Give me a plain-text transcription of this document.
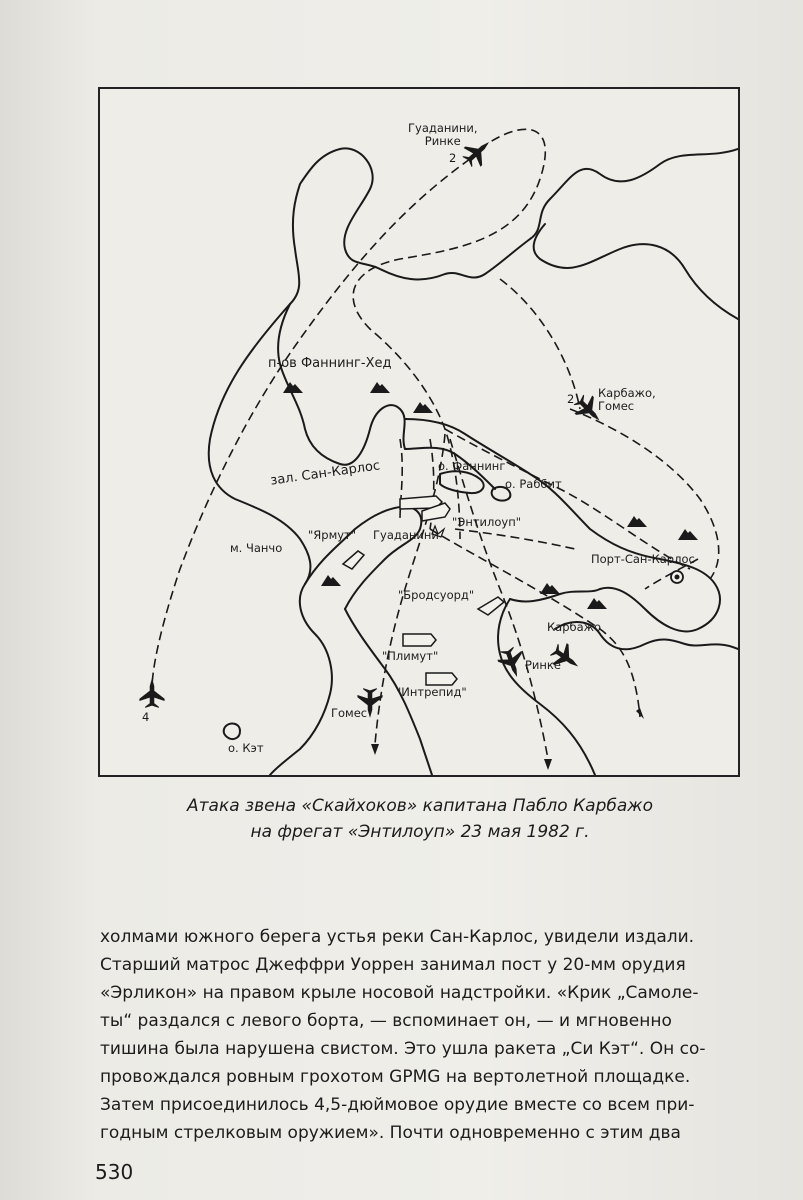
Гуаданини,
Ринке
2
2 Карбажо,
Гомес
п-ов Фаннинг-Хед
о. Фаннинг
о. Раббит
зал. Сан-Карлос
м. Чанчо
"Ярмут" Гуаданини
"Энтилоуп"
Порт-Сан-Карлос
"Бродсуорд"
Карбажо
"Плимут"
Ринке
"Интрепид"
Гомес
о. Кэт
4
Атака звена «Скайхоков» капитана Пабло Карбажо
на фрегат «Энтилоуп» 23 мая 1982 г.
холмами южного берега устья реки Сан-Карлос, увидели издали.
Старший матрос Джеффри Уоррен занимал пост у 20-мм орудия
«Эрликон» на правом крыле носовой надстройки. «Крик „Самоле-
ты“ раздался с левого борта, — вспоминает он, — и мгновенно
тишина была нарушена свистом. Это ушла ракета „Си Кэт“. Он со-
провождался ровным грохотом GPMG на вертолетной площадке.
Затем присоединилось 4,5-дюймовое орудие вместе со всем при-
годным стрелковым оружием». Почти одновременно с этим два
530
